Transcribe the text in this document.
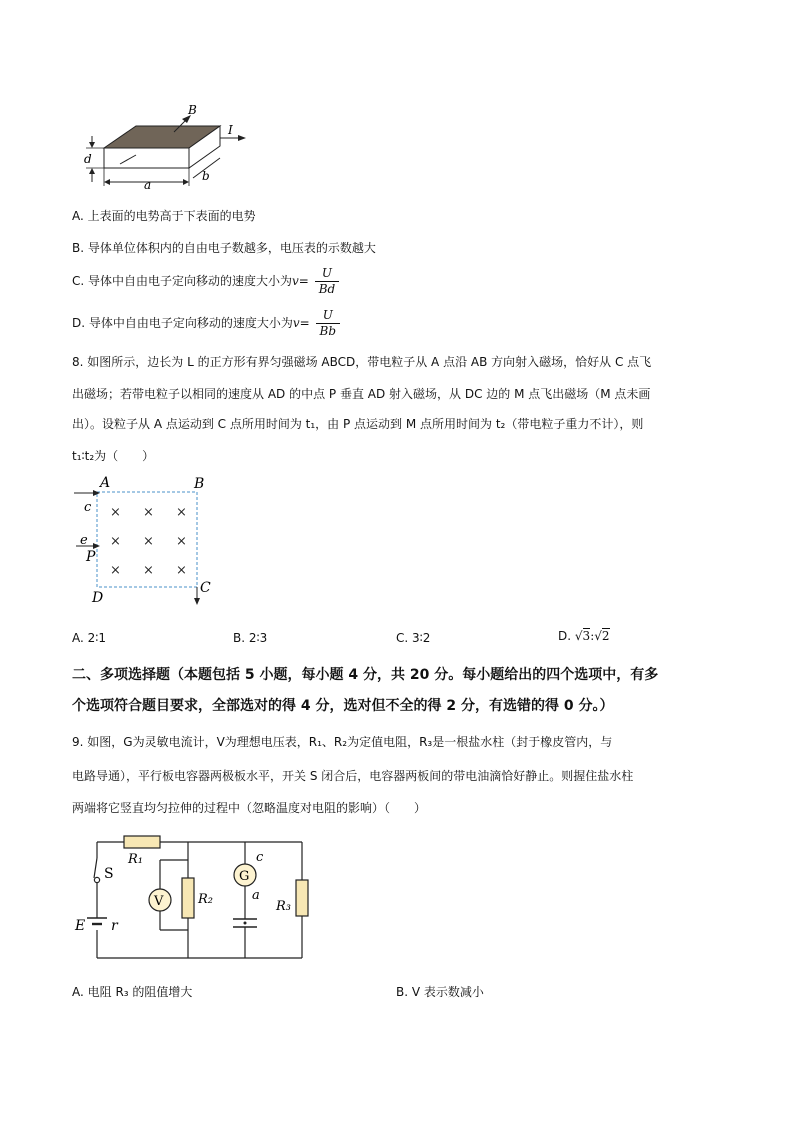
B
I
d
a
b
A. 上表面的电势高于下表面的电势
B. 导体单位体积内的自由电子数越多，电压表的示数越大
C. 导体中自由电子定向移动的速度大小为$v= \frac{U}{Bd}$
D. 导体中自由电子定向移动的速度大小为$v= \frac{U}{Bb}$
8. 如图所示，边长为 L 的正方形有界匀强磁场 ABCD，带电粒子从 A 点沿 AB 方向射入磁场，恰好从 C 点飞
出磁场；若带电粒子以相同的速度从 AD 的中点 P 垂直 AD 射入磁场，从 DC 边的 M 点飞出磁场（M 点未画
出）。设粒子从 A 点运动到 C 点所用时间为 t₁，由 P 点运动到 M 点所用时间为 t₂（带电粒子重力不计），则
t₁∶t₂为（　　）
A	B
C
D
P
c
e
× × ×
× × ×
× × ×
A. 2∶1	B. 2∶3	C. 3∶2	D. √3:√2
二、多项选择题（本题包括 5 小题，每小题 4 分，共 20 分。每小题给出的四个选项中，有多
个选项符合题目要求，全部选对的得 4 分，选对但不全的得 2 分，有选错的得 0 分。）
9. 如图，G为灵敏电流计，V为理想电压表，R₁、R₂为定值电阻，R₃是一根盐水柱（封于橡皮管内，与
电路导通），平行板电容器两极板水平，开关 S 闭合后，电容器两板间的带电油滴恰好静止。则握住盐水柱
两端将它竖直均匀拉伸的过程中（忽略温度对电阻的影响）（　　）
R₁
S
E r
V	R₂
G
c
a
R₃
A. 电阻 R₃ 的阻值增大	B. V 表示数减小
